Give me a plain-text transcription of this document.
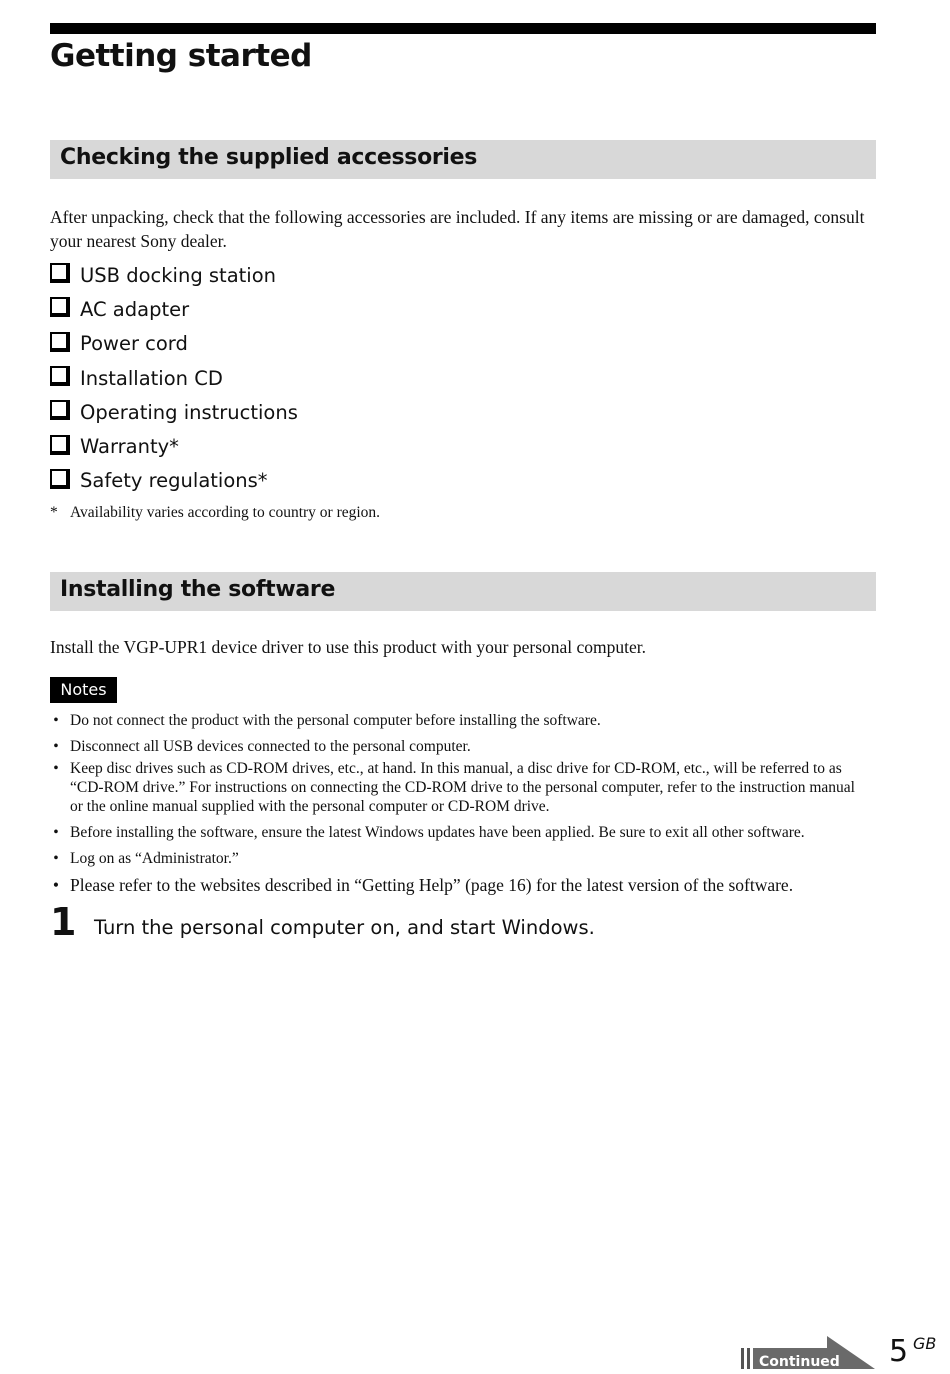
Getting started
Checking the supplied accessories

After unpacking, check that the following accessories are included. If any items are missing or are damaged, consult your nearest Sony dealer.

USB docking station
AC adapter
Power cord
Installation CD
Operating instructions
Warranty*
Safety regulations*

* Availability varies according to country or region.

Installing the software

Install the VGP-UPR1 device driver to use this product with your personal computer.

Notes
• Do not connect the product with the personal computer before installing the software.
• Disconnect all USB devices connected to the personal computer.
• Keep disc drives such as CD-ROM drives, etc., at hand. In this manual, a disc drive for CD-ROM, etc., will be referred to as “CD-ROM drive.” For instructions on connecting the CD-ROM drive to the personal computer, refer to the instruction manual or the online manual supplied with the personal computer or CD-ROM drive.
• Before installing the software, ensure the latest Windows updates have been applied. Be sure to exit all other software.
• Log on as “Administrator.”
• Please refer to the websites described in “Getting Help” (page 16) for the latest version of the software.
1 Turn the personal computer on, and start Windows.
Continued 5 GB
